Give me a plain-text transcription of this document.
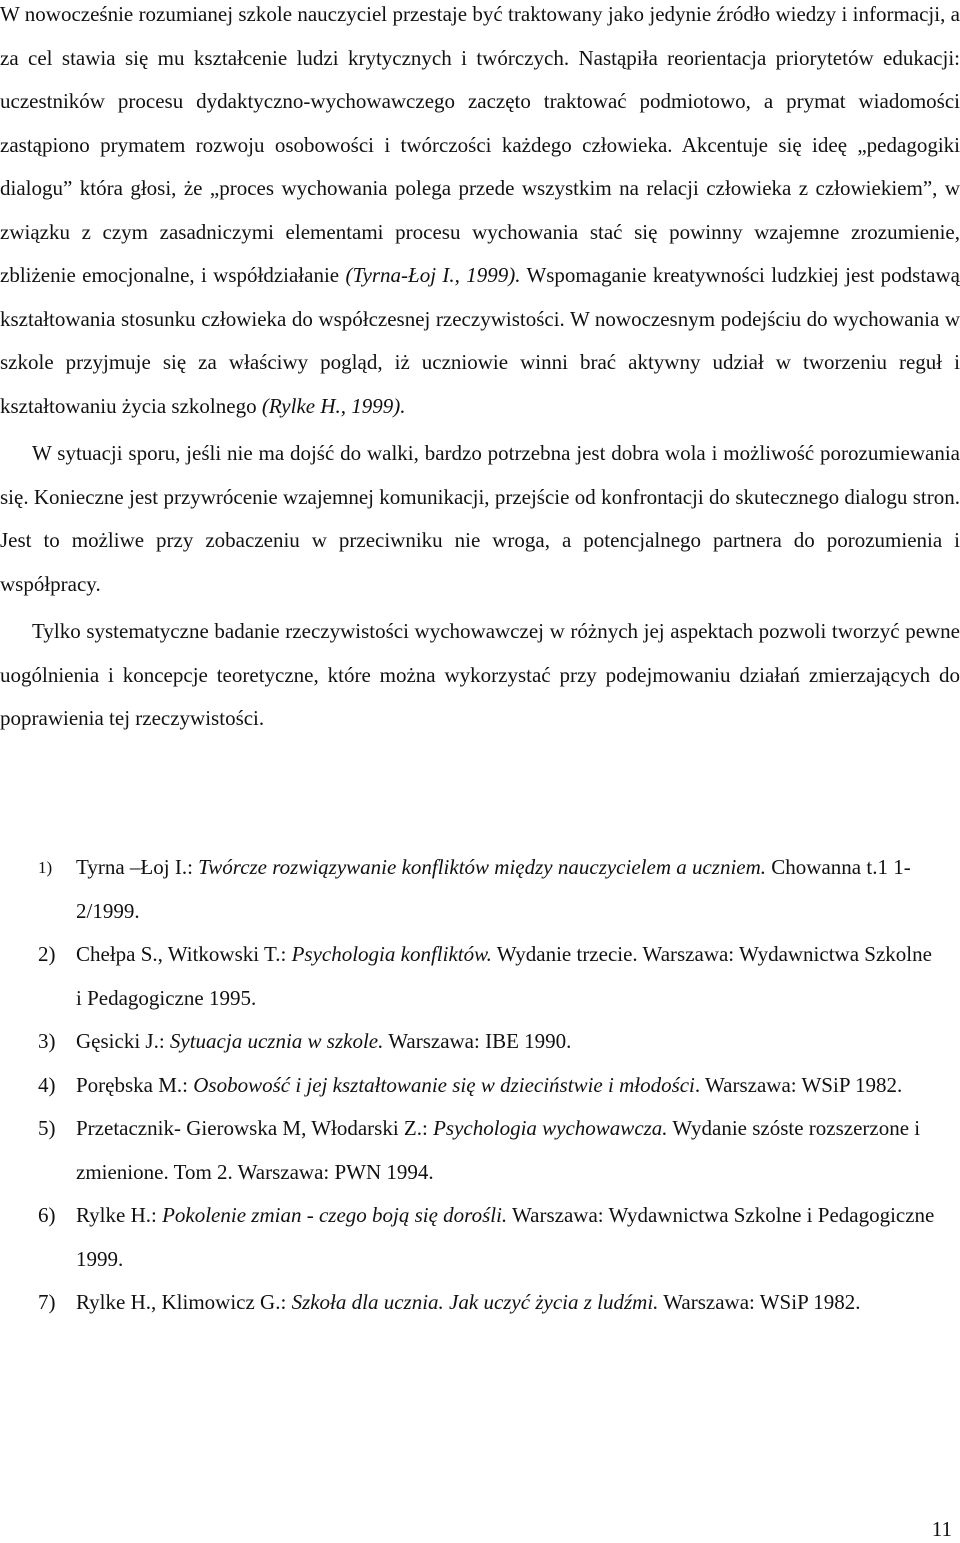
W nowocześnie rozumianej szkole nauczyciel przestaje być traktowany jako jedynie źródło wiedzy i informacji, a za cel stawia się mu kształcenie ludzi krytycznych i twórczych. Nastąpiła reorientacja priorytetów edukacji: uczestników procesu dydaktyczno-wychowawczego zaczęto traktować podmiotowo, a prymat wiadomości zastąpiono prymatem rozwoju osobowości i twórczości każdego człowieka. Akcentuje się ideę „pedagogiki dialogu” która głosi, że „proces wychowania polega przede wszystkim na relacji człowieka z człowiekiem”, w związku z czym zasadniczymi elementami procesu wychowania stać się powinny wzajemne zrozumienie, zbliżenie emocjonalne, i współdziałanie (Tyrna-Łoj I., 1999). Wspomaganie kreatywności ludzkiej jest podstawą kształtowania stosunku człowieka do współczesnej rzeczywistości. W nowoczesnym podejściu do wychowania w szkole przyjmuje się za właściwy pogląd, iż uczniowie winni brać aktywny udział w tworzeniu reguł i kształtowaniu życia szkolnego (Rylke H., 1999).

W sytuacji sporu, jeśli nie ma dojść do walki, bardzo potrzebna jest dobra wola i możliwość porozumiewania się. Konieczne jest przywrócenie wzajemnej komunikacji, przejście od konfrontacji do skutecznego dialogu stron. Jest to możliwe przy zobaczeniu w przeciwniku nie wroga, a potencjalnego partnera do porozumienia i współpracy.

Tylko systematyczne badanie rzeczywistości wychowawczej w różnych jej aspektach pozwoli tworzyć pewne uogólnienia i koncepcje teoretyczne, które można wykorzystać przy podejmowaniu działań zmierzających do poprawienia tej rzeczywistości.

1) Tyrna –Łoj I.: Twórcze rozwiązywanie konfliktów między nauczycielem a uczniem. Chowanna t.1 1-2/1999.
2) Chełpa S., Witkowski T.: Psychologia konfliktów. Wydanie trzecie. Warszawa: Wydawnictwa Szkolne i Pedagogiczne 1995.
3) Gęsicki J.: Sytuacja ucznia w szkole. Warszawa: IBE 1990.
4) Porębska M.: Osobowość i jej kształtowanie się w dzieciństwie i młodości. Warszawa: WSiP 1982.
5) Przetacznik- Gierowska M, Włodarski Z.: Psychologia wychowawcza. Wydanie szóste rozszerzone i zmienione. Tom 2. Warszawa: PWN 1994.
6) Rylke H.: Pokolenie zmian - czego boją się dorośli. Warszawa: Wydawnictwa Szkolne i Pedagogiczne 1999.
7) Rylke H., Klimowicz G.: Szkoła dla ucznia. Jak uczyć życia z ludźmi. Warszawa: WSiP 1982.
11
